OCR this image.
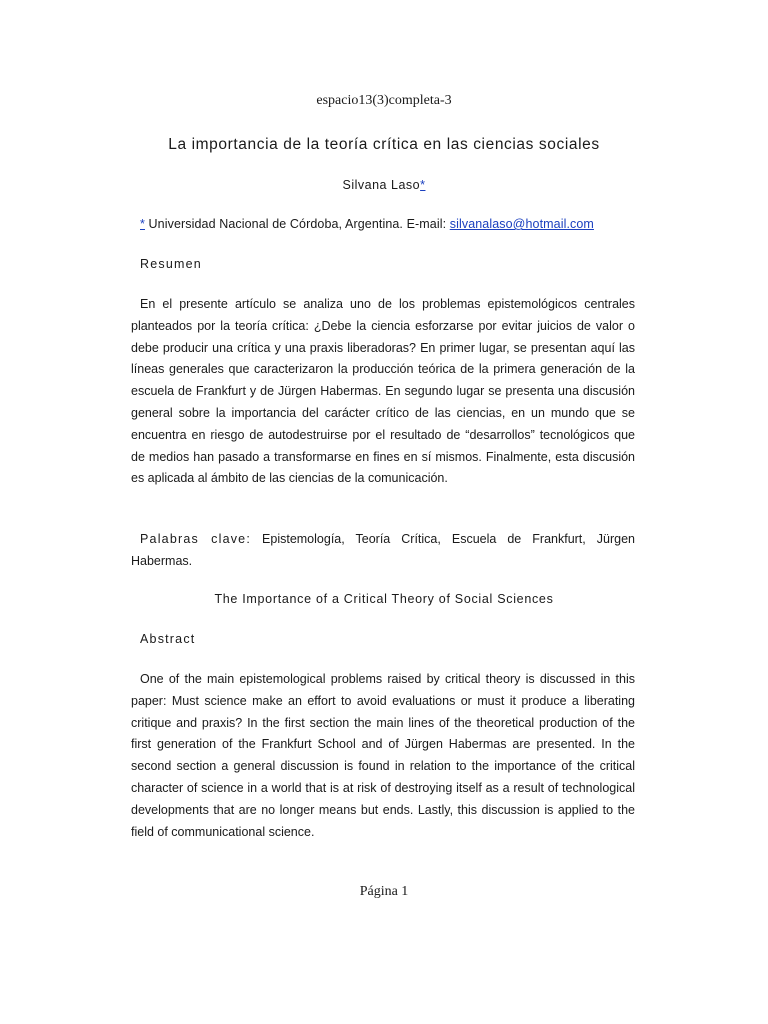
espacio13(3)completa-3
La importancia de la teoría crítica en las ciencias sociales
Silvana Laso*
* Universidad Nacional de Córdoba, Argentina. E-mail: silvanalaso@hotmail.com
Resumen

En el presente artículo se analiza uno de los problemas epistemológicos centrales planteados por la teoría crítica: ¿Debe la ciencia esforzarse por evitar juicios de valor o debe producir una crítica y una praxis liberadoras? En primer lugar, se presentan aquí las líneas generales que caracterizaron la producción teórica de la primera generación de la escuela de Frankfurt y de Jürgen Habermas. En segundo lugar se presenta una discusión general sobre la importancia del carácter crítico de las ciencias, en un mundo que se encuentra en riesgo de autodestruirse por el resultado de “desarrollos” tecnológicos que de medios han pasado a transformarse en fines en sí mismos. Finalmente, esta discusión es aplicada al ámbito de las ciencias de la comunicación.

Palabras clave: Epistemología, Teoría Crítica, Escuela de Frankfurt, Jürgen Habermas.

The Importance of a Critical Theory of Social Sciences
Abstract

One of the main epistemological problems raised by critical theory is discussed in this paper: Must science make an effort to avoid evaluations or must it produce a liberating critique and praxis? In the first section the main lines of the theoretical production of the first generation of the Frankfurt School and of Jürgen Habermas are presented. In the second section a general discussion is found in relation to the importance of the critical character of science in a world that is at risk of destroying itself as a result of technological developments that are no longer means but ends. Lastly, this discussion is applied to the field of communicational science.

Página 1
